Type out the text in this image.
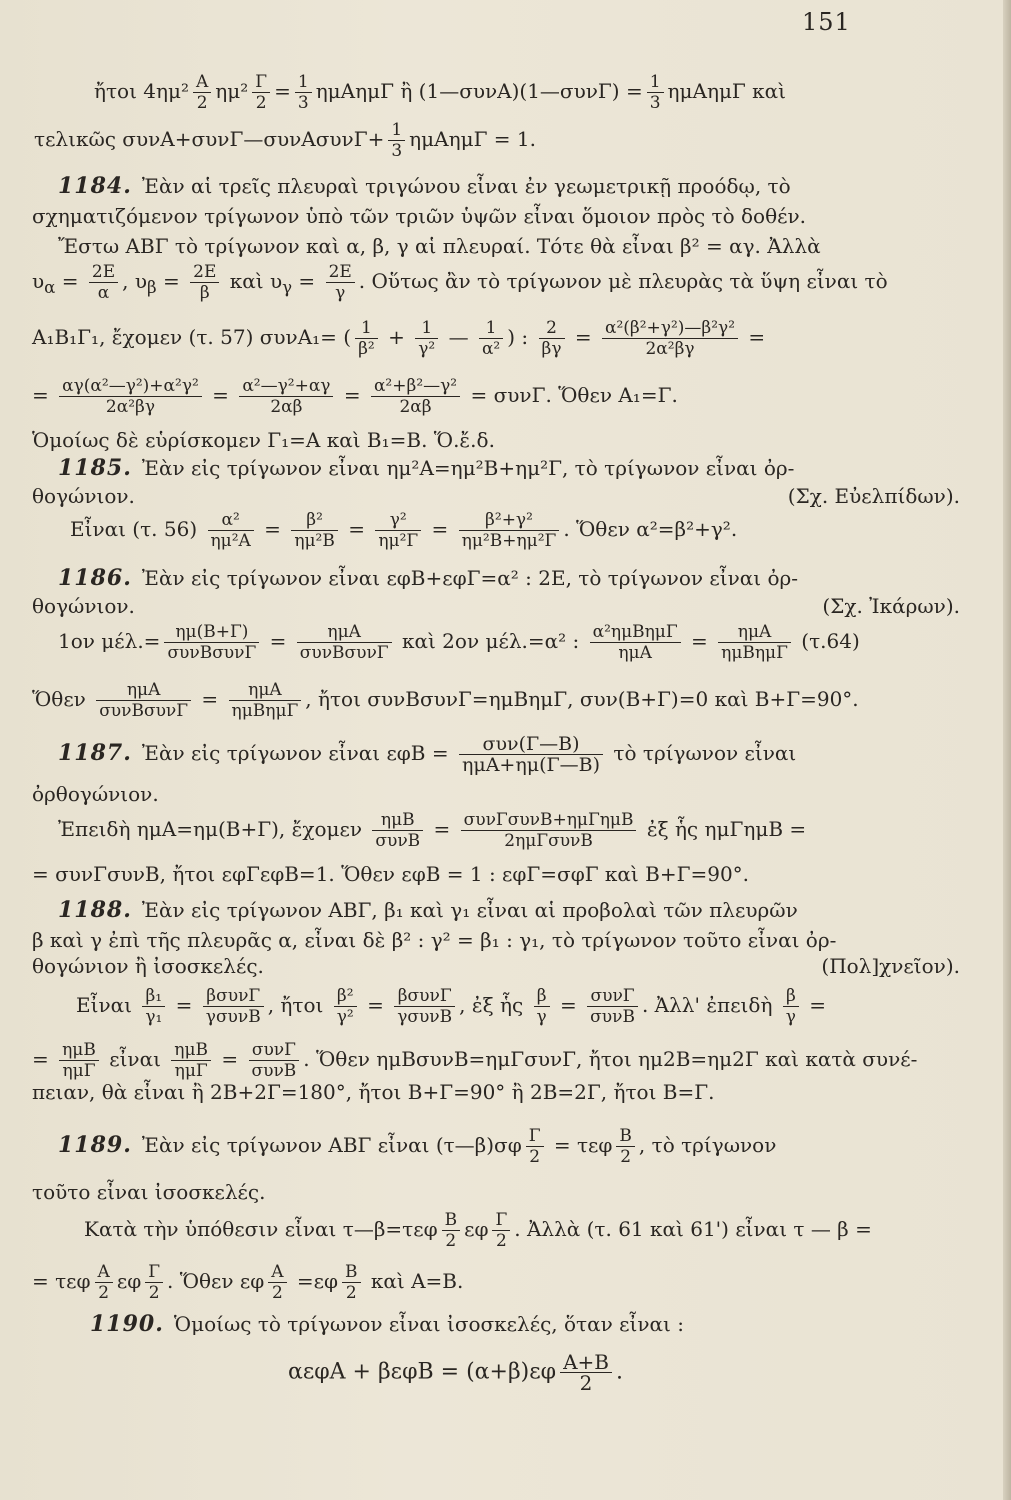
151
ἤτοι $4\eta\mu^2 \frac{A}{2} \eta\mu^2 \frac{\Gamma}{2} = \frac{1}{3}$ ημAημΓ ἢ (1—συνA)(1—συνΓ) = $\frac{1}{3}$ ημAημΓ καὶ
τελικῶς συνA+συνΓ—συνAσυνΓ+ $\frac{1}{3}$ ημAημΓ = 1.
1184. Ἐὰν αἱ τρεῖς πλευραὶ τριγώνου εἶναι ἐν γεωμετρικῇ προόδῳ, τὸ
σχηματιζόμενον τρίγωνον ὑπὸ τῶν τριῶν ὑψῶν εἶναι ὅμοιον πρὸς τὸ δοθέν.
Ἔστω ΑΒΓ τὸ τρίγωνον καὶ α, β, γ αἱ πλευραί. Τότε θὰ εἶναι β² = αγ. Ἀλλὰ
$\upsilon_\alpha = \frac{2E}{\alpha}$ , $\upsilon_\beta = \frac{2E}{\beta}$ καὶ $\upsilon_\gamma = \frac{2E}{\gamma}$ . Οὕτως ἂν τὸ τρίγωνον μὲ πλευρὰς τὰ ὕψη εἶναι τὸ
A₁B₁Γ₁, ἔχομεν (τ. 57) συνA₁= ( $\frac{1}{\text{β²}} + \frac{1}{\text{γ²}}$ — $\frac{1}{\text{α²}}$ ) : $\frac{2}{\beta\gamma} = \frac{\text{α²(β²+γ²)—β²γ²}}{\text{2α²βγ}}$ =
= $\frac{\text{αγ(α²—γ²)+α²γ²}}{\text{2α²βγ}} = \frac{\text{α²—γ²+αγ}}{2\alpha\beta} = \frac{\text{α²+β²—γ²}}{2\alpha\beta} = \sigma\upsilon\nu\Gamma$. Ὅθεν A₁=Γ.
Ὁμοίως δὲ εὑρίσκομεν Γ₁=A καὶ B₁=B. Ὅ.ἔ.δ.
1185. Ἐὰν εἰς τρίγωνον εἶναι ημ²A=ημ²B+ημ²Γ, τὸ τρίγωνον εἶναι ὀρ-
θογώνιον.	(Σχ. Εὐελπίδων).
Εἶναι (τ. $56) \frac{\text{α²}}{\text{ημ²A}} = \frac{\text{β²}}{\text{ημ²B}} = \frac{\text{γ²}}{\text{ημ²Γ}} = \frac{\text{β²+γ²}}{\text{ημ²B+ημ²Γ}}$ . Ὅθεν α²=β²+γ².
1186. Ἐὰν εἰς τρίγωνον εἶναι εφB+εφΓ=α² : 2E, τὸ τρίγωνον εἶναι ὀρ-
θογώνιον.	(Σχ. Ἰκάρων).
1ον $\mu έ\lambda.= \frac{\eta\mu(B+\Gamma)}{\text{συνBσυνΓ}} = \frac{\text{ημA}}{\text{συνBσυνΓ}}$ καὶ 2ον μέλ.=α² : $\frac{\text{α²ημBημΓ}}{\text{ημA}} = \frac{\text{ημA}}{\text{ημBημΓ}} (\tau.64)$
Ὅθεν $\frac{\text{ημA}}{\text{συνBσυνΓ}} = \frac{\text{ημA}}{\text{ημBημΓ}}$ , ἤτοι συνBσυνΓ=ημBημΓ, συν(B+Γ)=0 καὶ B+Γ=90°.
1187. Ἐὰν εἰς τρίγωνον εἶναι $\varepsilon\varphi B = \frac{\text{συν(Γ—B)}}{\text{ημA+ημ(Γ—B)}}$ τὸ τρίγωνον εἶναι
ὀρθογώνιον.
Ἐπειδὴ ημA=ημ(B+Γ), ἔχομεν $\frac{\text{ημB}}{\text{συνB}} = \frac{\text{συνΓσυνB+ημΓημB}}{\text{2ημΓσυνB}}$ ἐξ ἧς ημΓημB =
= συνΓσυνB, ἤτοι εφΓεφB=1. Ὅθεν εφB = 1 : εφΓ=σφΓ καὶ B+Γ=90°.
1188. Ἐὰν εἰς τρίγωνον ΑΒΓ, β₁ καὶ γ₁ εἶναι αἱ προβολαὶ τῶν πλευρῶν
β καὶ γ ἐπὶ τῆς πλευρᾶς α, εἶναι δὲ β² : γ² = β₁ : γ₁, τὸ τρίγωνον τοῦτο εἶναι ὀρ-
θογώνιον ἢ ἰσοσκελές.	(Πολ]χνεῖον).
Εἶναι $\frac{\text{β₁}}{\text{γ₁}} = \frac{\text{βσυνΓ}}{\text{γσυνB}}$ , ἤτοι $\frac{\text{β²}}{\text{γ²}} = \frac{\text{βσυνΓ}}{\text{γσυνB}}$ , ἐξ ἧς $\frac{\beta}{\gamma} = \frac{\text{συνΓ}}{\text{συνB}}$ . Ἀλλ' ἐπειδὴ $\frac{\beta}{\gamma}$ =
= $\frac{\text{ημB}}{\text{ημΓ}}$ εἶναι $\frac{\text{ημB}}{\text{ημΓ}} = \frac{\text{συνΓ}}{\text{συνB}}$ . Ὅθεν ημBσυνB=ημΓσυνΓ, ἤτοι ημ2B=ημ2Γ καὶ κατὰ συνέ-
πειαν, θὰ εἶναι ἢ 2B+2Γ=180°, ἤτοι B+Γ=90° ἢ 2B=2Γ, ἤτοι B=Γ.
1189. Ἐὰν εἰς τρίγωνον ΑΒΓ εἶναι (τ—β)σφ $\frac{\Gamma}{2} = \tau\varepsilon\varphi \frac{B}{2}$ , τὸ τρίγωνον
τοῦτο εἶναι ἰσοσκελές.
Κατὰ τὴν ὑπόθεσιν εἶναι τ—β=τεφ $\frac{B}{2}$ εφ $\frac{\Gamma}{2}$ . Ἀλλὰ (τ. 61 καὶ 61') εἶναι τ — β =
= τεφ $\frac{A}{2}$ εφ $\frac{\Gamma}{2}$ . Ὅθεν εφ $\frac{A}{2} =\varepsilon\varphi \frac{B}{2}$ καὶ A=B.
1190. Ὁμοίως τὸ τρίγωνον εἶναι ἰσοσκελές, ὅταν εἶναι :
$\alpha\varepsilon\varphi A + \beta\varepsilon\varphi B = (\alpha+\beta)\varepsilon\varphi \frac{A+B}{2}$ .
